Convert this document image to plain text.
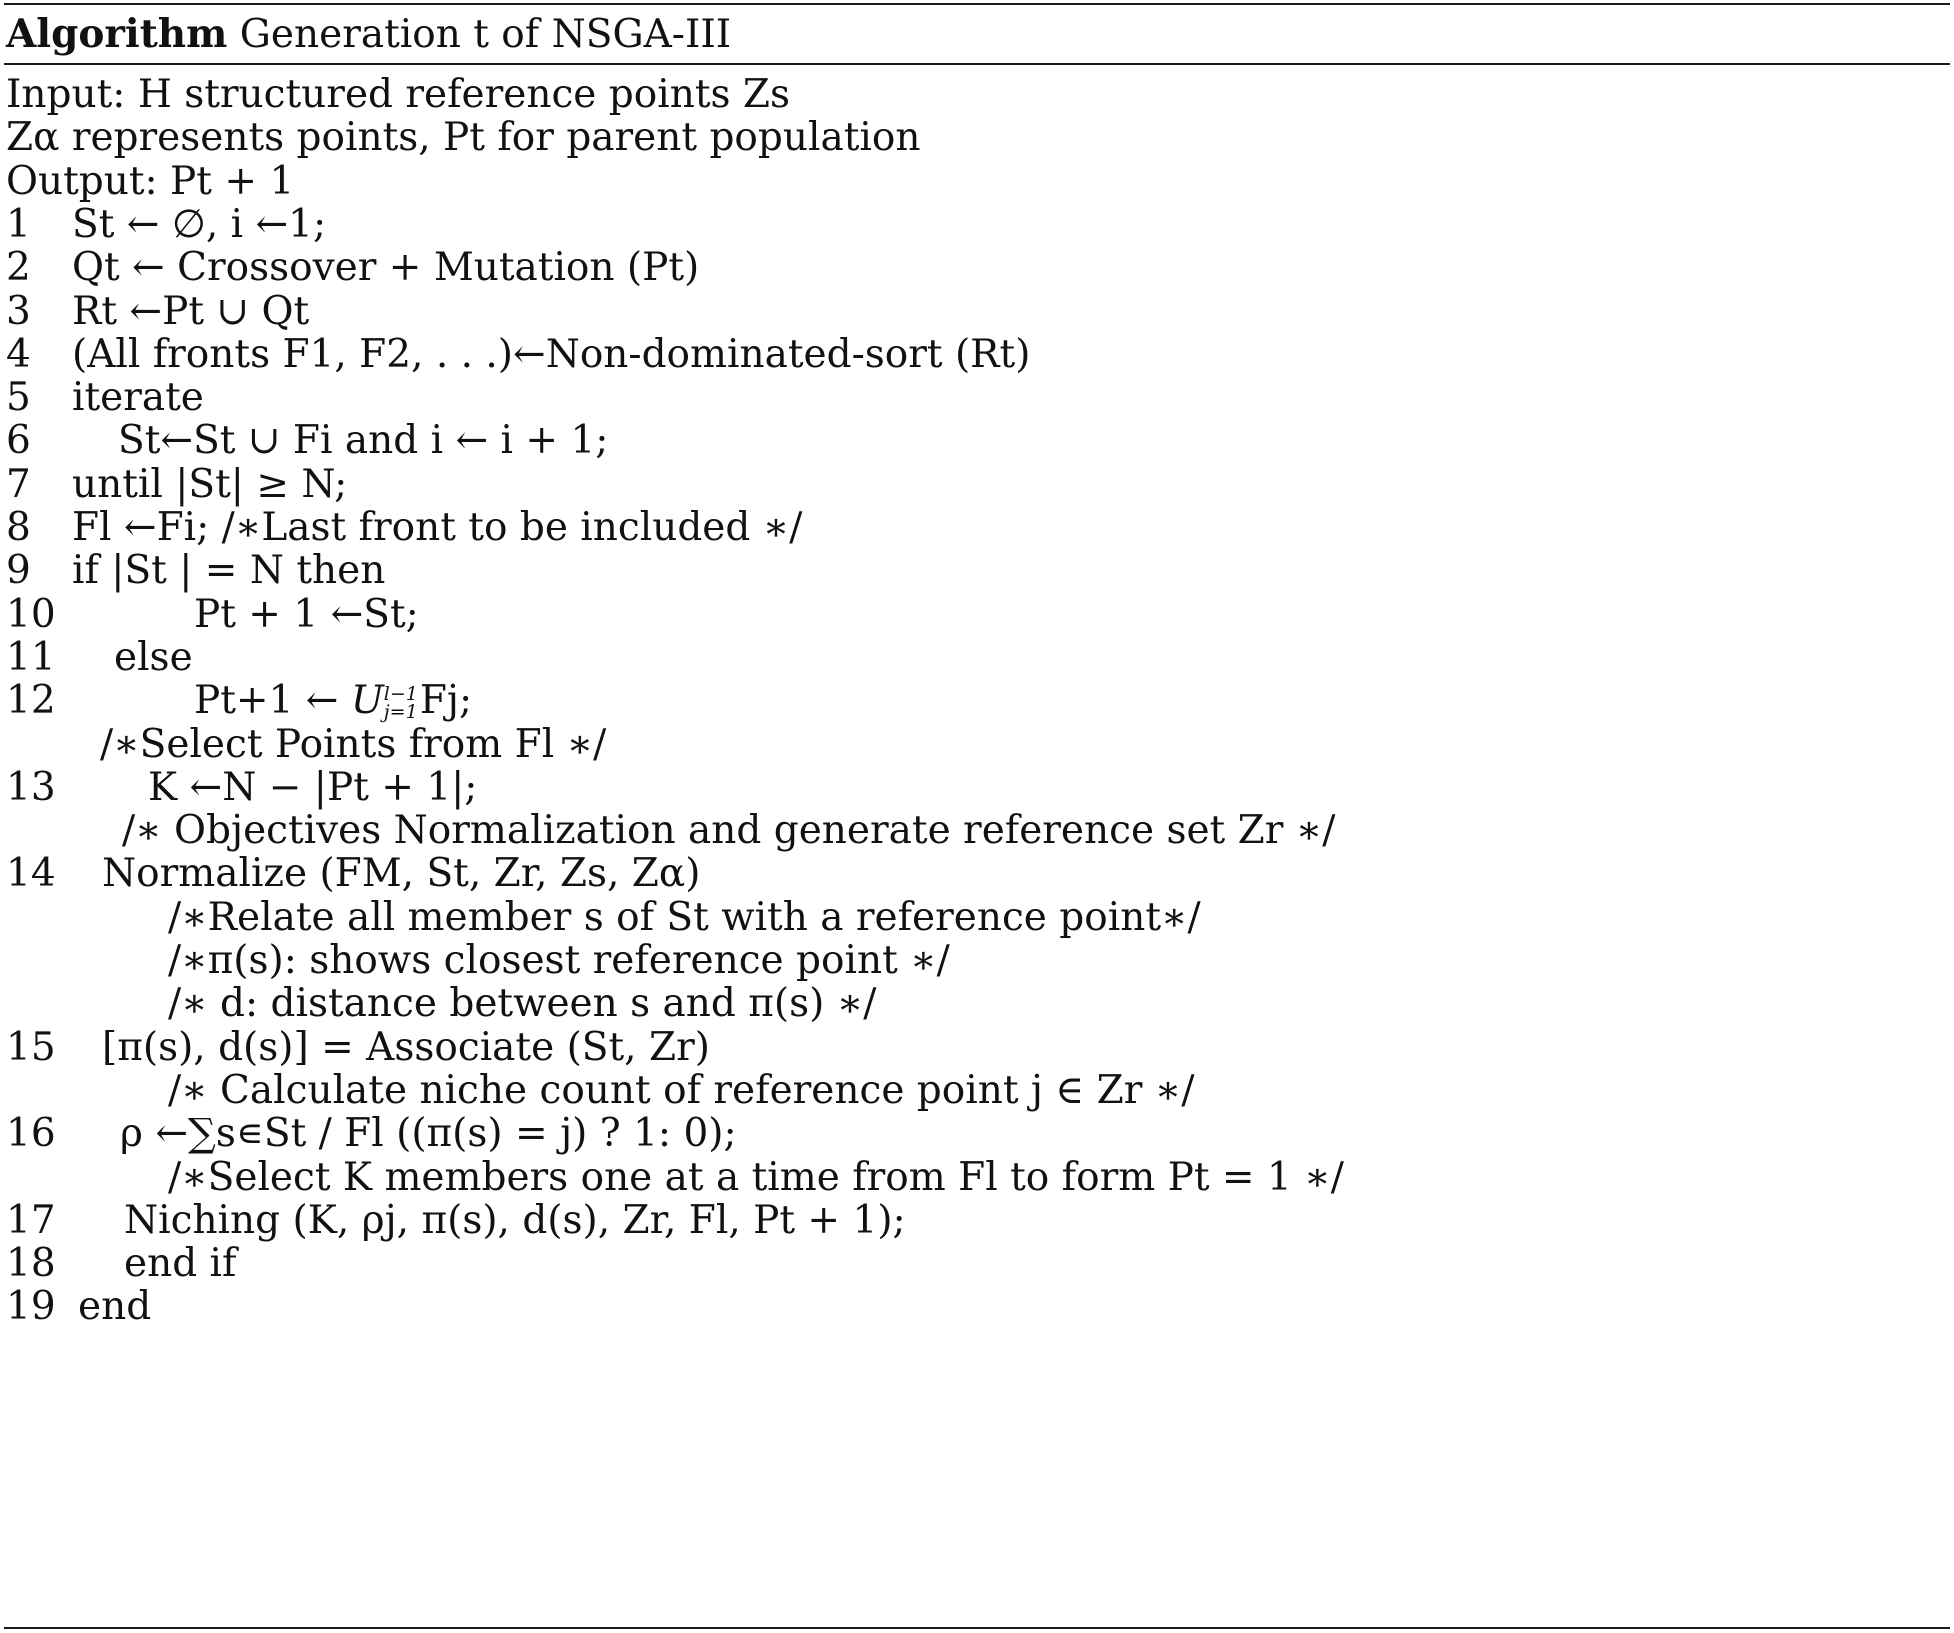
Algorithm Generation t of NSGA-III
Input: H structured reference points Zs
Zα represents points, Pt for parent population
Output: Pt + 1
1 St ← ∅, i ←1;
2 Qt ← Crossover + Mutation (Pt)
3 Rt ←Pt ∪ Qt
4 (All fronts F1, F2, . . .)←Non-dominated-sort (Rt)
5 iterate
6 St←St ∪ Fi and i ← i + 1;
7 until |St| ≥ N;
8 Fl ←Fi; /∗Last front to be included ∗/
9 if |St | = N then
10	Pt + 1 ←St;
11 else
12	Pt+1 ← U l−1
j=1 Fj;
/∗Select Points from Fl ∗/
13 K ←N − |Pt + 1|;
/∗ Objectives Normalization and generate reference set Zr ∗/
14 Normalize (FM, St, Zr, Zs, Zα)
/∗Relate all member s of St with a reference point∗/
/∗π(s): shows closest reference point ∗/
/∗ d: distance between s and π(s) ∗/
15 [π(s), d(s)] = Associate (St, Zr)
/∗ Calculate niche count of reference point j ∈ Zr ∗/
16 ρ ←∑s∊St / Fl ((π(s) = j) ? 1: 0);
/∗Select K members one at a time from Fl to form Pt = 1 ∗/
17 Niching (K, ρj, π(s), d(s), Zr, Fl, Pt + 1);
18 end if
19 end
